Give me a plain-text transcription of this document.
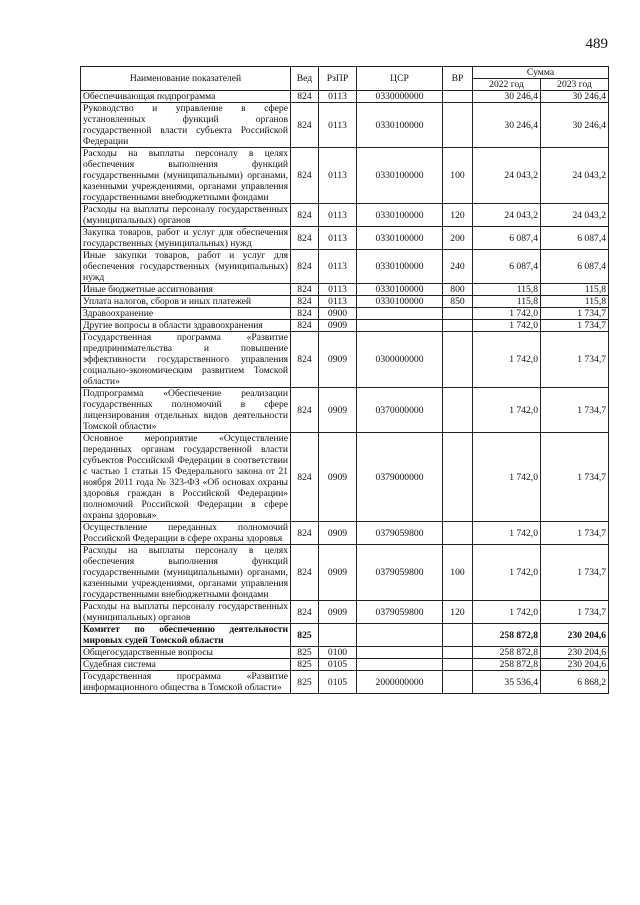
489
Наименование показателей	Вед	РзПР	ЦСР	ВР	Сумма	
					2022 год	2023 год
Обеспечивающая подпрограмма	824	0113	0330000000		30 246,4	30 246,4
Руководство и управление в сфере установленных функций органов государственной власти субъекта Российской Федерации	824	0113	0330100000		30 246,4	30 246,4
Расходы на выплаты персоналу в целях обеспечения выполнения функций государственными (муниципальными) органами, казенными учреждениями, органами управления государственными внебюджетными фондами	824	0113	0330100000	100	24 043,2	24 043,2
Расходы на выплаты персоналу государственных (муниципальных) органов	824	0113	0330100000	120	24 043,2	24 043,2
Закупка товаров, работ и услуг для обеспечения государственных (муниципальных) нужд	824	0113	0330100000	200	6 087,4	6 087,4
Иные закупки товаров, работ и услуг для обеспечения государственных (муниципальных) нужд	824	0113	0330100000	240	6 087,4	6 087,4
Иные бюджетные ассигнования	824	0113	0330100000	800	115,8	115,8
Уплата налогов, сборов и иных платежей	824	0113	0330100000	850	115,8	115,8
Здравоохранение	824	0900			1 742,0	1 734,7
Другие вопросы в области здравоохранения	824	0909			1 742,0	1 734,7
Государственная программа «Развитие предпринимательства и повышение эффективности государственного управления социально-экономическим развитием Томской области»	824	0909	0300000000		1 742,0	1 734,7
Подпрограмма «Обеспечение реализации государственных полномочий в сфере лицензирования отдельных видов деятельности Томской области»	824	0909	0370000000		1 742,0	1 734,7
Основное мероприятие «Осуществление переданных органам государственной власти субъектов Российской Федерации в соответствии с частью 1 статьи 15 Федерального закона от 21 ноября 2011 года № 323-ФЗ «Об основах охраны здоровья граждан в Российской Федерации» полномочий Российской Федерации в сфере охраны здоровья»	824	0909	0379000000		1 742,0	1 734,7
Осуществление переданных полномочий Российской Федерации в сфере охраны здоровья	824	0909	0379059800		1 742,0	1 734,7
Расходы на выплаты персоналу в целях обеспечения выполнения функций государственными (муниципальными) органами, казенными учреждениями, органами управления государственными внебюджетными фондами	824	0909	0379059800	100	1 742,0	1 734,7
Расходы на выплаты персоналу государственных (муниципальных) органов	824	0909	0379059800	120	1 742,0	1 734,7
Комитет по обеспечению деятельности мировых судей Томской области	825				258 872,8	230 204,6
Общегосударственные вопросы	825	0100			258 872,8	230 204,6
Судебная система	825	0105			258 872,8	230 204,6
Государственная программа «Развитие информационного общества в Томской области»	825	0105	2000000000		35 536,4	6 868,2
